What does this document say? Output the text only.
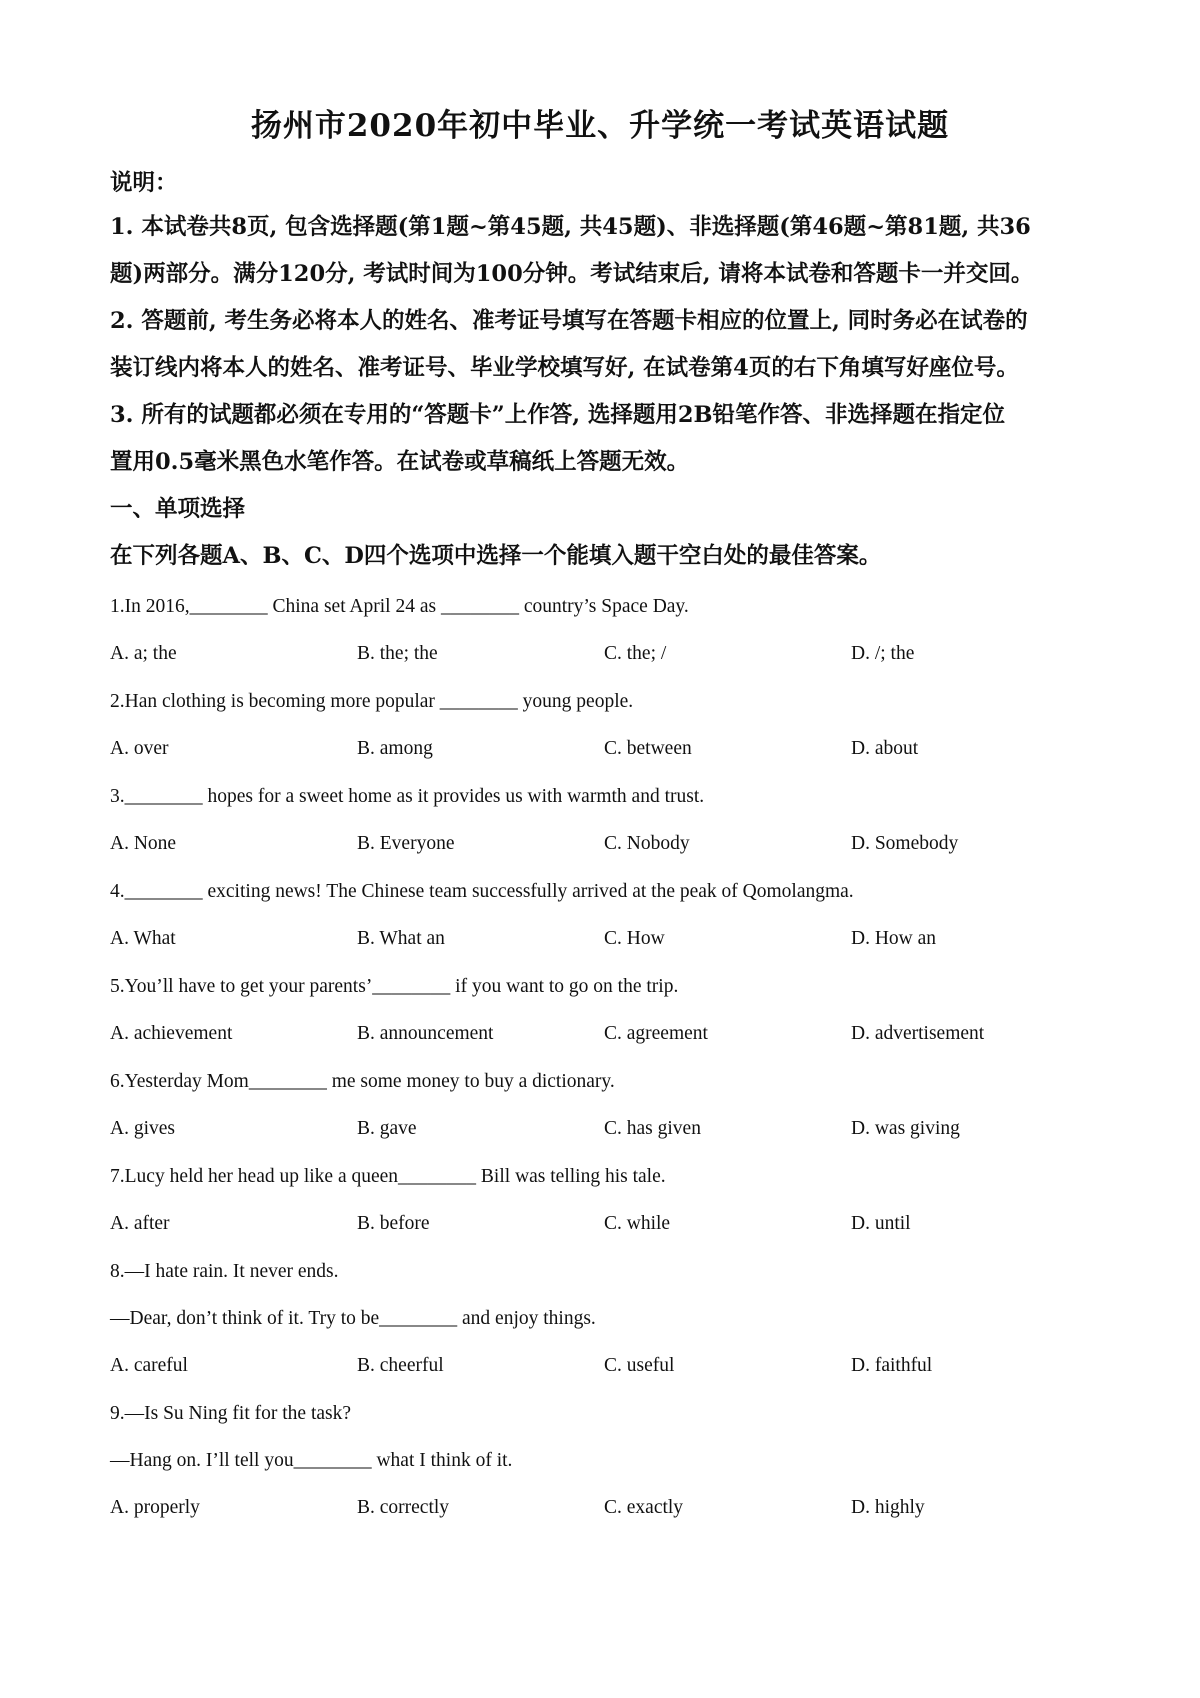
扬州市2020年初中毕业、升学统一考试英语试题
说明：
1. 本试卷共8页, 包含选择题(第1题~第45题, 共45题)、非选择题(第46题~第81题, 共36
题)两部分。满分120分, 考试时间为100分钟。考试结束后, 请将本试卷和答题卡一并交回。
2. 答题前, 考生务必将本人的姓名、准考证号填写在答题卡相应的位置上, 同时务必在试卷的
装订线内将本人的姓名、准考证号、毕业学校填写好, 在试卷第4页的右下角填写好座位号。
3. 所有的试题都必须在专用的“答题卡”上作答, 选择题用2B铅笔作答、非选择题在指定位
置用0.5毫米黑色水笔作答。在试卷或草稿纸上答题无效。
一、单项选择
在下列各题A、B、C、D四个选项中选择一个能填入题干空白处的最佳答案。
1.In 2016,________ China set April 24 as ________ country’s Space Day.
A. a; the	B. the; the	C. the; /	D. /; the
2.Han clothing is becoming more popular ________ young people.
A. over	B. among	C. between	D. about
3.________ hopes for a sweet home as it provides us with warmth and trust.
A. None	B. Everyone	C. Nobody	D. Somebody
4.________ exciting news! The Chinese team successfully arrived at the peak of Qomolangma.
A. What	B. What an	C. How	D. How an
5.You’ll have to get your parents’________ if you want to go on the trip.
A. achievement	B. announcement	C. agreement	D. advertisement
6.Yesterday Mom________ me some money to buy a dictionary.
A. gives	B. gave	C. has given	D. was giving
7.Lucy held her head up like a queen________ Bill was telling his tale.
A. after	B. before	C. while	D. until
8.—I hate rain. It never ends.
—Dear, don’t think of it. Try to be________ and enjoy things.
A. careful	B. cheerful	C. useful	D. faithful
9.—Is Su Ning fit for the task?
—Hang on. I’ll tell you________ what I think of it.
A. properly	B. correctly	C. exactly	D. highly
